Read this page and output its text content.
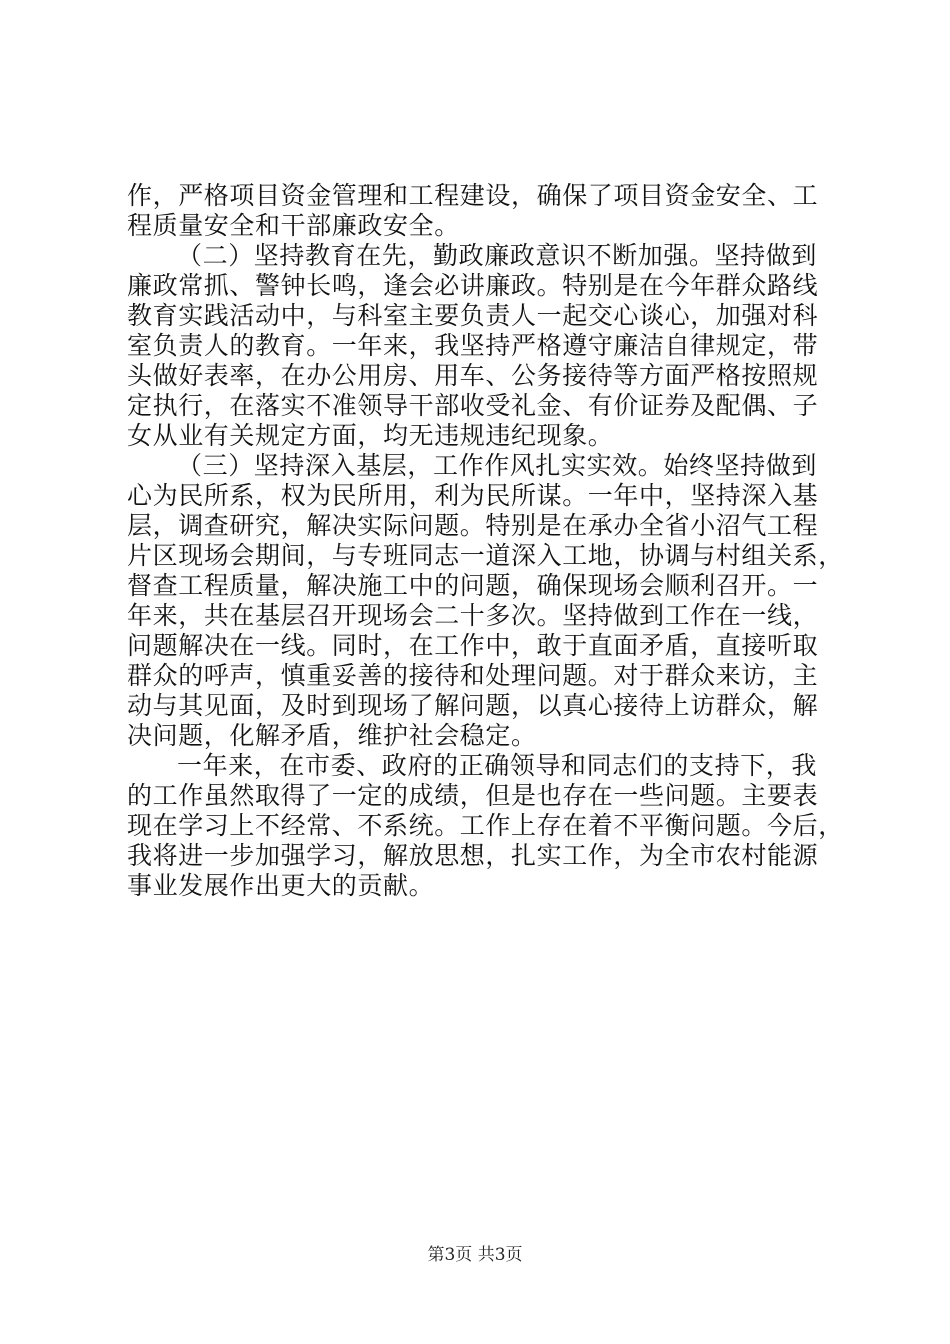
作，严格项目资金管理和工程建设，确保了项目资金安全、工
程质量安全和干部廉政安全。
（二）坚持教育在先，勤政廉政意识不断加强。坚持做到
廉政常抓、警钟长鸣，逢会必讲廉政。特别是在今年群众路线
教育实践活动中，与科室主要负责人一起交心谈心，加强对科
室负责人的教育。一年来，我坚持严格遵守廉洁自律规定，带
头做好表率，在办公用房、用车、公务接待等方面严格按照规
定执行，在落实不准领导干部收受礼金、有价证券及配偶、子
女从业有关规定方面，均无违规违纪现象。
（三）坚持深入基层，工作作风扎实实效。始终坚持做到
心为民所系，权为民所用，利为民所谋。一年中，坚持深入基
层，调查研究，解决实际问题。特别是在承办全省小沼气工程
片区现场会期间，与专班同志一道深入工地，协调与村组关系，
督查工程质量，解决施工中的问题，确保现场会顺利召开。一
年来，共在基层召开现场会二十多次。坚持做到工作在一线，
问题解决在一线。同时，在工作中，敢于直面矛盾，直接听取
群众的呼声，慎重妥善的接待和处理问题。对于群众来访，主
动与其见面，及时到现场了解问题，以真心接待上访群众，解
决问题，化解矛盾，维护社会稳定。
一年来，在市委、政府的正确领导和同志们的支持下，我
的工作虽然取得了一定的成绩，但是也存在一些问题。主要表
现在学习上不经常、不系统。工作上存在着不平衡问题。今后，
我将进一步加强学习，解放思想，扎实工作，为全市农村能源
事业发展作出更大的贡献。
第3页 共3页
